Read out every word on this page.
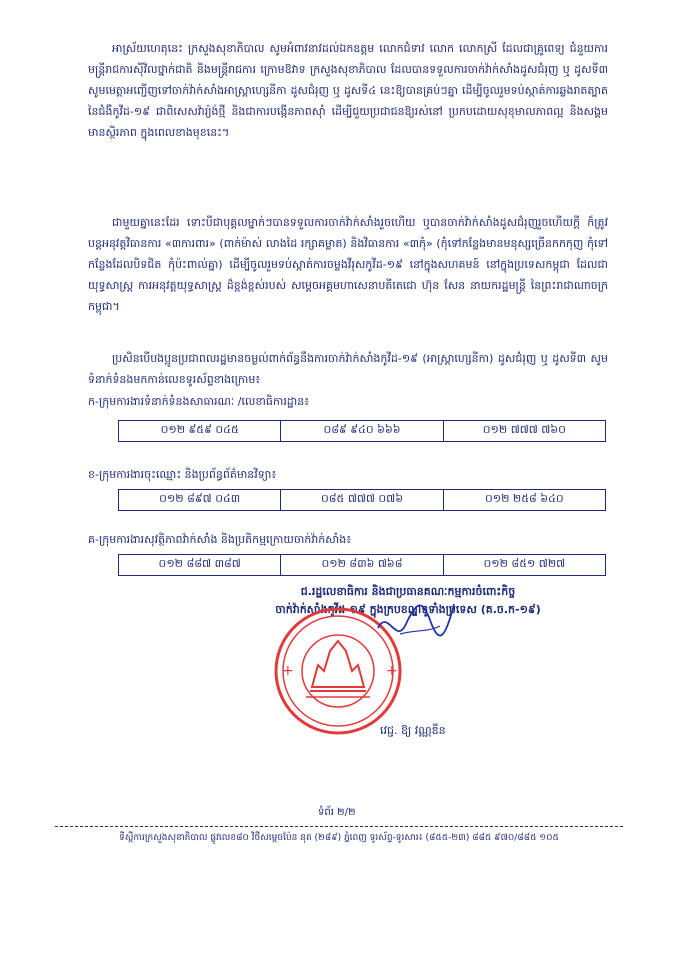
អាស្រ័យហេតុនេះ ក្រសួងសុខាភិបាល សូមអំពាវនាវដល់ឯកឧត្តម លោកជំទាវ លោក លោកស្រី ដែលជាគ្រូពេទ្យ ជំនួយការ មន្ត្រីរាជការស៊ីវិលថ្នាក់ជាតិ និងមន្ត្រីរាជការ ក្រោមឱវាទ ក្រសួងសុខាភិបាល ដែលបានទទួលការចាក់វ៉ាក់សាំងដូសជំរុញ ឬ ដូសទី៣ សូមមេត្តាអញ្ជើញទៅចាក់វ៉ាក់សាំងអាស្ត្រាហ្សេនីកា ដូសជំរុញ ឬ ដូសទី៤ នេះឱ្យបានគ្រប់ៗគ្នា ដើម្បីចូលរួមទប់ស្កាត់ការឆ្លងរាតត្បាត នៃជំងឺកូវីដ-១៩ ជាពិសេសវ៉ារ្យ៉ង់ថ្មី និងជាការបង្កើនភាពស៊ាំ ដើម្បីជួយប្រជាជនឱ្យរស់នៅ ប្រកបដោយសុខុមាលភាពល្អ និងសង្គមមានស្ថិរភាព ក្នុងពេលខាងមុខនេះ។

ជាមួយគ្នានេះដែរ ទោះបីជាបុគ្គលម្នាក់ៗបានទទួលការចាក់វ៉ាក់សាំងរួចហើយ ឬបានចាក់វ៉ាក់សាំងដូសជំរុញរួចហើយក្តី ក៏ត្រូវបន្តអនុវត្តវិធានការ «៣ការពារ» (ពាក់ម៉ាស់ លាងដៃ រក្សាគម្លាត) និងវិធានការ «៣កុំ» (កុំទៅកន្លែងមានមនុស្សច្រើនកកកុញ កុំទៅកន្លែងដែលបិទជិត កុំប៉ះពាល់គ្នា) ដើម្បីចូលរួមទប់ស្កាត់ការចម្លងវីរុសកូវីដ-១៩ នៅក្នុងសហគមន៍ នៅក្នុងប្រទេសកម្ពុជា ដែលជាយុទ្ធសាស្ត្រ ការអនុវត្តយុទ្ធសាស្ត្រ ដ៏ខ្ពង់ខ្ពស់របស់ សម្តេចអគ្គមហាសេនាបតីតេជោ ហ៊ុន សែន នាយករដ្ឋមន្ត្រី នៃព្រះរាជាណាចក្រកម្ពុជា។

ប្រសិនបើបងប្អូនប្រជាពលរដ្ឋមានចម្ងល់ពាក់ព័ន្ធនឹងការចាក់វ៉ាក់សាំងកូវីដ-១៩ (អាស្ត្រាហ្សេនីកា) ដូសជំរុញ ឬ ដូសទី៣ សូមទំនាក់ទំនងមកកាន់លេខទូរស័ព្ទខាងក្រោម៖

ក-ក្រុមការងារទំនាក់ទំនងសាធារណៈ /លេខាធិការដ្ឋាន៖
០១២ ៩៥៩ ០៤៥	០៨៩ ៩៤០ ៦៦៦	០១២ ៧៧៧ ៧៦០
ខ-ក្រុមការងារចុះឈ្មោះ និងប្រព័ន្ធព័ត៌មានវិទ្យា៖
០១២ ៨៩៧ ០៤៣	០៨៥ ៧៧៧ ០៧៦	០១២ ២៥៨ ៦៤០
គ-ក្រុមការងារសុវត្ថិភាពវ៉ាក់សាំង និងប្រតិកម្មក្រោយចាក់វ៉ាក់សាំង៖
០១២ ៨៨៧ ៣៨៧	០១២ ៨៣៦ ៧៦៨	០១២ ៨៥១ ៧២៧
ជ.រដ្ឋលេខាធិការ និងជាប្រធានគណៈកម្មការចំពោះកិច្ច
ចាក់វ៉ាក់សាំងកូវីដ-១៩ ក្នុងក្របខណ្ឌទូទាំងប្រទេស (គ.ច.ក-១៩)
+	+
វេជ្ជ. ឱ្យ វណ្ណឌីន
ទំព័រ ២/២
ទីស្តីការក្រសួងសុខាភិបាល ផ្លូវលេខ៨០ វិថីសម្តេចប៉ែន នុត (២៨៩) ភ្នំពេញ ទូរស័ព្ទ-ទូរសារ៖ (៨៥៥-២៣) ៨៨៥ ៩៧០/៨៨៥ ១០៥
